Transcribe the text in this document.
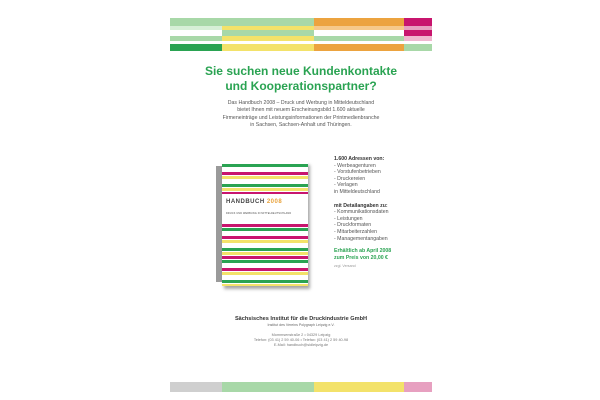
Sie suchen neue Kundenkontakte
und Kooperationspartner?
Das Handbuch 2008 – Druck und Werbung in Mitteldeutschland
bietet Ihnen mit neuem Erscheinungsbild 1.600 aktuelle
Firmeneinträge und Leistungsinformationen der Printmedienbranche
in Sachsen, Sachsen-Anhalt und Thüringen.
HANDBUCH 2008
DRUCK UND WERBUNG IN MITTELDEUTSCHLAND
1.600 Adressen von:
- Werbeagenturen
- Vorstufenbetrieben
- Druckereien
- Verlagen
in Mitteldeutschland
mit Detailangaben zu:
- Kommunikationsdaten
- Leistungen
- Druckformaten
- Mitarbeiterzahlen
- Managementangaben
Erhältlich ab April 2008
zum Preis von 20,00 €
zzgl. Versand
Sächsisches Institut für die Druckindustrie GmbH
Institut des Vereins Polygraph Leipzig e.V.
Mommsenstraße 2 • 04329 Leipzig
Telefon: (03 41) 2 59 40-06 • Telefax: (03 41) 2 59 40-98
E-Mail: handbuch@sidleipzig.de
